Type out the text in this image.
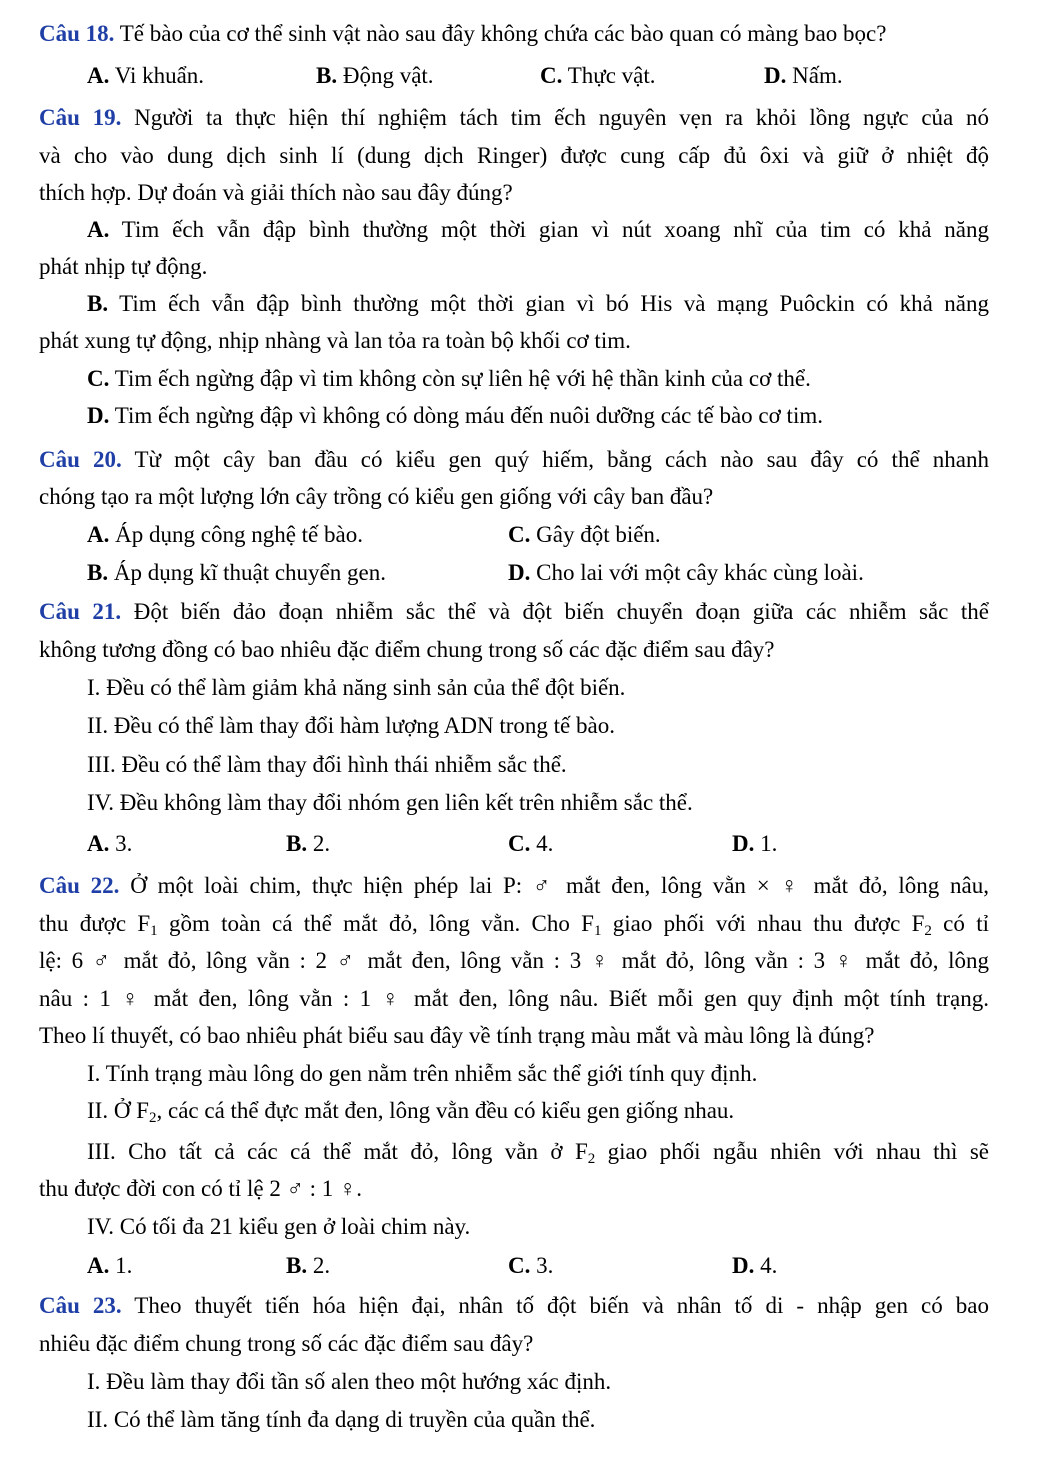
Câu 18. Tế bào của cơ thể sinh vật nào sau đây không chứa các bào quan có màng bao bọc?
A. Vi khuẩn.	B. Động vật.	C. Thực vật.	D. Nấm.
Câu 19. Người ta thực hiện thí nghiệm tách tim ếch nguyên vẹn ra khỏi lồng ngực của nó
và cho vào dung dịch sinh lí (dung dịch Ringer) được cung cấp đủ ôxi và giữ ở nhiệt độ
thích hợp. Dự đoán và giải thích nào sau đây đúng?
A. Tim ếch vẫn đập bình thường một thời gian vì nút xoang nhĩ của tim có khả năng
phát nhịp tự động.
B. Tim ếch vẫn đập bình thường một thời gian vì bó His và mạng Puôckin có khả năng
phát xung tự động, nhịp nhàng và lan tỏa ra toàn bộ khối cơ tim.
C. Tim ếch ngừng đập vì tim không còn sự liên hệ với hệ thần kinh của cơ thể.
D. Tim ếch ngừng đập vì không có dòng máu đến nuôi dưỡng các tế bào cơ tim.
Câu 20. Từ một cây ban đầu có kiểu gen quý hiếm, bằng cách nào sau đây có thể nhanh
chóng tạo ra một lượng lớn cây trồng có kiểu gen giống với cây ban đầu?
A. Áp dụng công nghệ tế bào.	C. Gây đột biến.
B. Áp dụng kĩ thuật chuyển gen.	D. Cho lai với một cây khác cùng loài.
Câu 21. Đột biến đảo đoạn nhiễm sắc thể và đột biến chuyển đoạn giữa các nhiễm sắc thể
không tương đồng có bao nhiêu đặc điểm chung trong số các đặc điểm sau đây?
I. Đều có thể làm giảm khả năng sinh sản của thể đột biến.
II. Đều có thể làm thay đổi hàm lượng ADN trong tế bào.
III. Đều có thể làm thay đổi hình thái nhiễm sắc thể.
IV. Đều không làm thay đổi nhóm gen liên kết trên nhiễm sắc thể.
A. 3.	B. 2.	C. 4.	D. 1.
Câu 22. Ở một loài chim, thực hiện phép lai P: ♂ mắt đen, lông vằn × ♀ mắt đỏ, lông nâu,
thu được $F_1$ gồm toàn cá thể mắt đỏ, lông vằn. Cho $F_1$ giao phối với nhau thu được $F_2$ có tỉ
lệ: 6 ♂ mắt đỏ, lông vằn : 2 ♂ mắt đen, lông vằn : 3 ♀ mắt đỏ, lông vằn : 3 ♀ mắt đỏ, lông
nâu : 1 ♀ mắt đen, lông vằn : 1 ♀ mắt đen, lông nâu. Biết mỗi gen quy định một tính trạng.
Theo lí thuyết, có bao nhiêu phát biểu sau đây về tính trạng màu mắt và màu lông là đúng?
I. Tính trạng màu lông do gen nằm trên nhiễm sắc thể giới tính quy định.
II. Ở $F_2$, các cá thể đực mắt đen, lông vằn đều có kiểu gen giống nhau.
III. Cho tất cả các cá thể mắt đỏ, lông vằn ở $F_2$ giao phối ngẫu nhiên với nhau thì sẽ
thu được đời con có tỉ lệ 2 ♂ : 1 ♀.
IV. Có tối đa 21 kiểu gen ở loài chim này.
A. 1.	B. 2.	C. 3.	D. 4.
Câu 23. Theo thuyết tiến hóa hiện đại, nhân tố đột biến và nhân tố di - nhập gen có bao
nhiêu đặc điểm chung trong số các đặc điểm sau đây?
I. Đều làm thay đổi tần số alen theo một hướng xác định.
II. Có thể làm tăng tính đa dạng di truyền của quần thể.
